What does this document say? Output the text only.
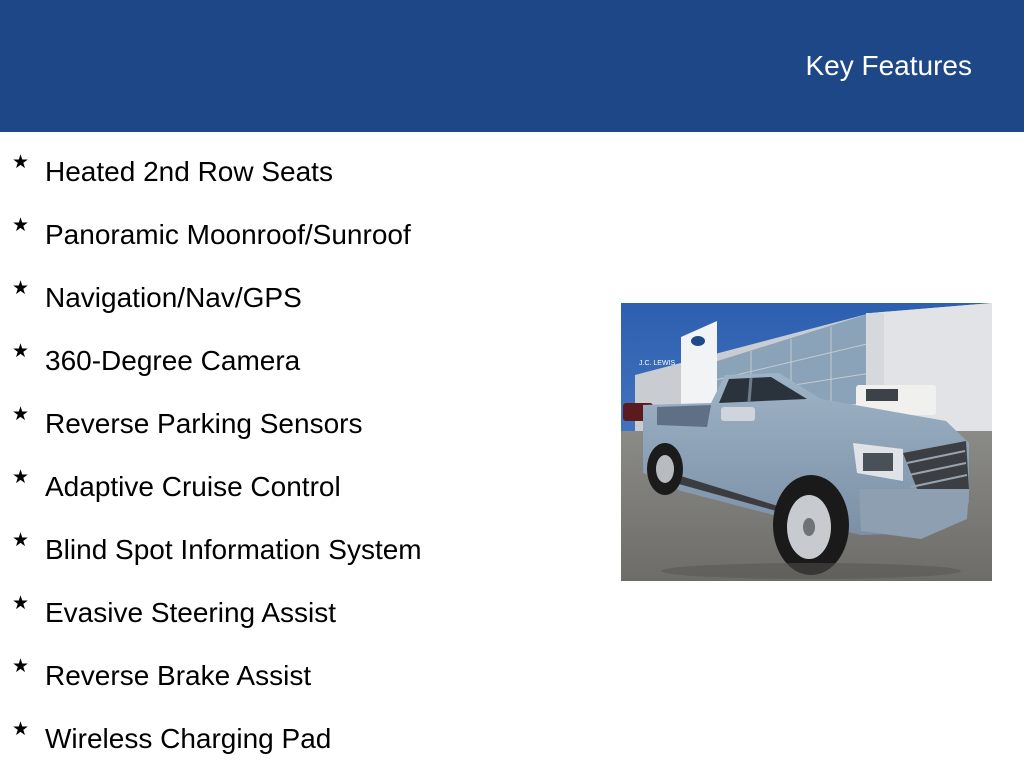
Key Features
★ Heated 2nd Row Seats
★ Panoramic Moonroof/Sunroof
★ Navigation/Nav/GPS
★ 360-Degree Camera
★ Reverse Parking Sensors
★ Adaptive Cruise Control
★ Blind Spot Information System
★ Evasive Steering Assist
★ Reverse Brake Assist
★ Wireless Charging Pad
J.C. LEWIS
